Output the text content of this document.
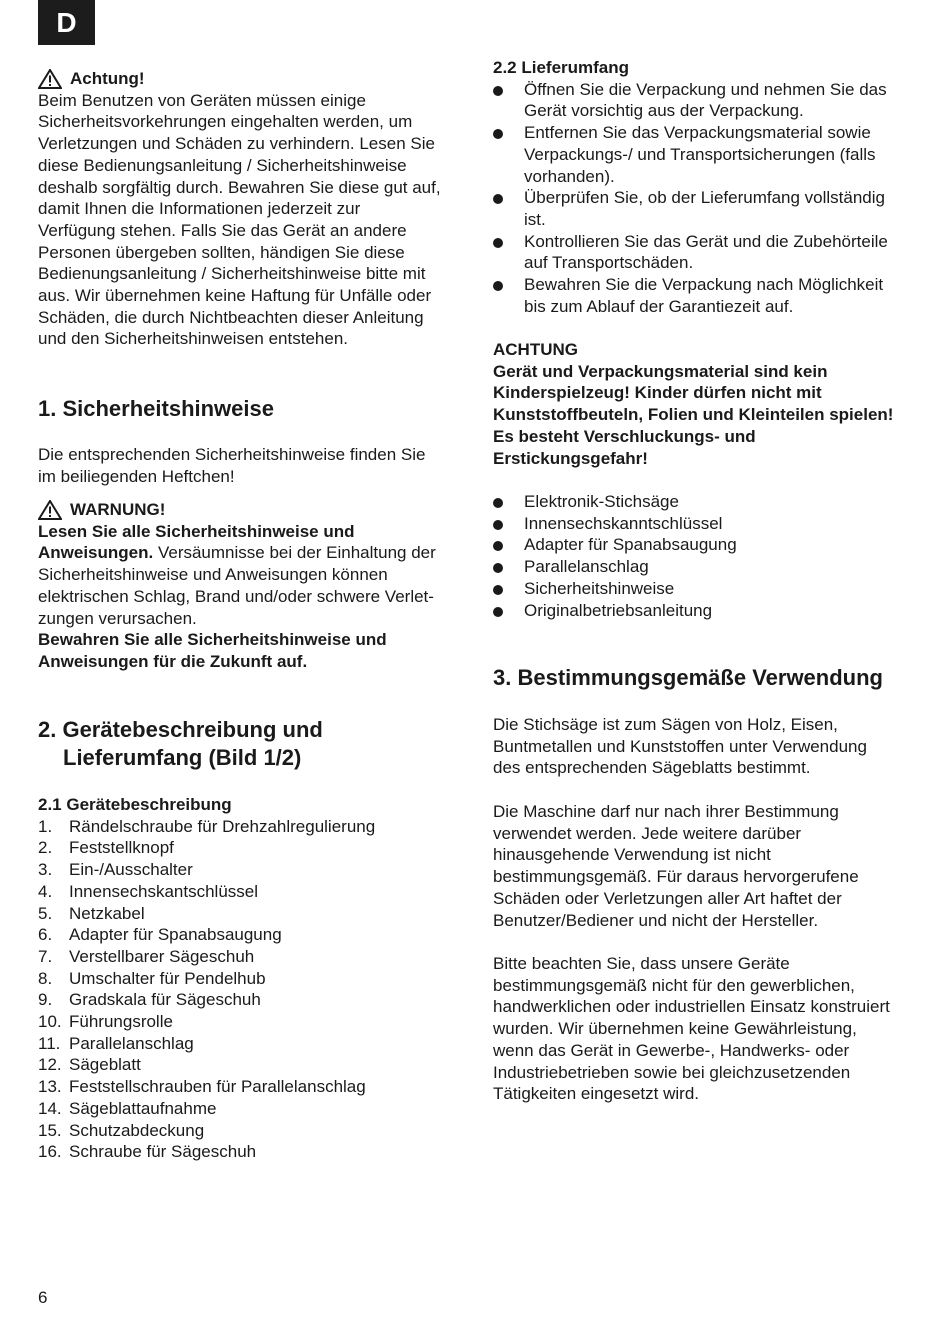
D
Achtung!

Beim Benutzen von Geräten müssen einige

Sicherheitsvorkehrungen eingehalten werden, um

Verletzungen und Schäden zu verhindern. Lesen Sie

diese Bedienungsanleitung / Sicherheitshinweise

deshalb sorgfältig durch. Bewahren Sie diese gut auf,

damit Ihnen die Informationen jederzeit zur

Verfügung stehen. Falls Sie das Gerät an andere

Personen übergeben sollten, händigen Sie diese

Bedienungsanleitung / Sicherheitshinweise bitte mit

aus. Wir übernehmen keine Haftung für Unfälle oder

Schäden, die durch Nichtbeachten dieser Anleitung

und den Sicherheitshinweisen entstehen.

1. Sicherheitshinweise

Die entsprechenden Sicherheitshinweise finden Sie

im beiliegenden Heftchen!

WARNUNG!

Lesen Sie alle Sicherheitshinweise und

Anweisungen. Versäumnisse bei der Einhaltung der

Sicherheitshinweise und Anweisungen können

elektrischen Schlag, Brand und/oder schwere Verlet-

zungen verursachen.

Bewahren Sie alle Sicherheitshinweise und

Anweisungen für die Zukunft auf.

2. Gerätebeschreibung und
Lieferumfang (Bild 1/2)

2.1 Gerätebeschreibung

1. Rändelschraube für Drehzahlregulierung
2. Feststellknopf
3. Ein-/Ausschalter
4. Innensechskantschlüssel
5. Netzkabel
6. Adapter für Spanabsaugung
7. Verstellbarer Sägeschuh
8. Umschalter für Pendelhub
9. Gradskala für Sägeschuh
10. Führungsrolle
11. Parallelanschlag
12. Sägeblatt
13. Feststellschrauben für Parallelanschlag
14. Sägeblattaufnahme
15. Schutzabdeckung
16. Schraube für Sägeschuh

2.2 Lieferumfang

Öffnen Sie die Verpackung und nehmen Sie das
Gerät vorsichtig aus der Verpackung.
Entfernen Sie das Verpackungsmaterial sowie
Verpackungs-/ und Transportsicherungen (falls
vorhanden).
Überprüfen Sie, ob der Lieferumfang vollständig
ist.
Kontrollieren Sie das Gerät und die Zubehörteile
auf Transportschäden.
Bewahren Sie die Verpackung nach Möglichkeit
bis zum Ablauf der Garantiezeit auf.

ACHTUNG

Gerät und Verpackungsmaterial sind kein

Kinderspielzeug! Kinder dürfen nicht mit

Kunststoffbeuteln, Folien und Kleinteilen spielen!

Es besteht Verschluckungs- und

Erstickungsgefahr!

Elektronik-Stichsäge
Innensechskanntschlüssel
Adapter für Spanabsaugung
Parallelanschlag
Sicherheitshinweise
Originalbetriebsanleitung
3. Bestimmungsgemäße Verwendung

Die Stichsäge ist zum Sägen von Holz, Eisen,

Buntmetallen und Kunststoffen unter Verwendung

des entsprechenden Sägeblatts bestimmt.

Die Maschine darf nur nach ihrer Bestimmung

verwendet werden. Jede weitere darüber

hinausgehende Verwendung ist nicht

bestimmungsgemäß. Für daraus hervorgerufene

Schäden oder Verletzungen aller Art haftet der

Benutzer/Bediener und nicht der Hersteller.

Bitte beachten Sie, dass unsere Geräte

bestimmungsgemäß nicht für den gewerblichen,

handwerklichen oder industriellen Einsatz konstruiert

wurden. Wir übernehmen keine Gewährleistung,

wenn das Gerät in Gewerbe-, Handwerks- oder

Industriebetrieben sowie bei gleichzusetzenden

Tätigkeiten eingesetzt wird.

6
